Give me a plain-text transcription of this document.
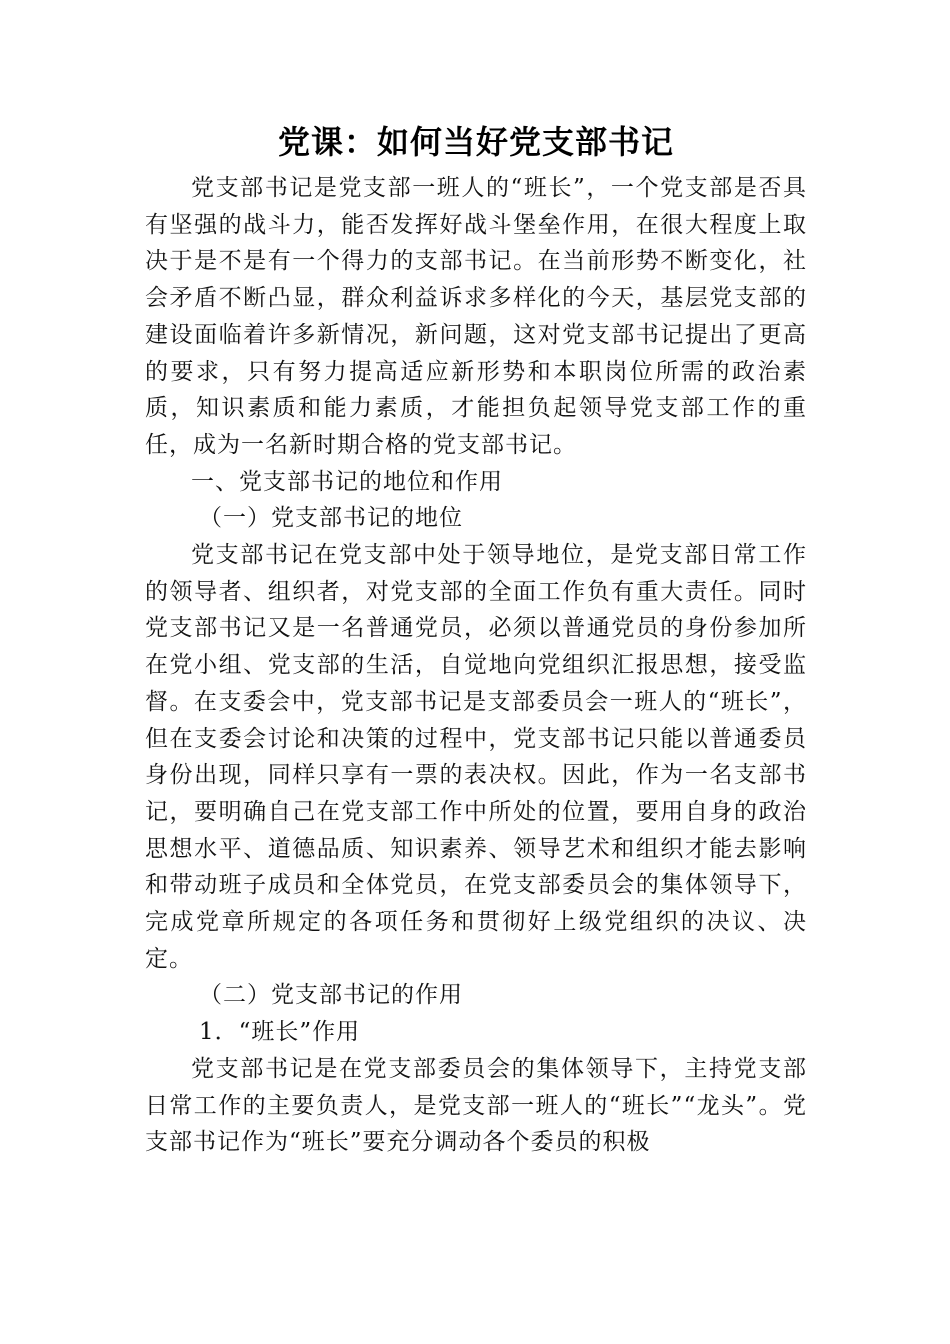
党课：如何当好党支部书记

党支部书记是党支部一班人的“班长”，一个党支部是否具有坚强的战斗力，能否发挥好战斗堡垒作用，在很大程度上取决于是不是有一个得力的支部书记。在当前形势不断变化，社会矛盾不断凸显，群众利益诉求多样化的今天，基层党支部的建设面临着许多新情况，新问题，这对党支部书记提出了更高的要求，只有努力提高适应新形势和本职岗位所需的政治素质，知识素质和能力素质，才能担负起领导党支部工作的重任，成为一名新时期合格的党支部书记。

一、党支部书记的地位和作用

（一）党支部书记的地位

党支部书记在党支部中处于领导地位，是党支部日常工作的领导者、组织者，对党支部的全面工作负有重大责任。同时党支部书记又是一名普通党员，必须以普通党员的身份参加所在党小组、党支部的生活，自觉地向党组织汇报思想，接受监督。在支委会中，党支部书记是支部委员会一班人的“班长”，但在支委会讨论和决策的过程中，党支部书记只能以普通委员身份出现，同样只享有一票的表决权。因此，作为一名支部书记，要明确自己在党支部工作中所处的位置，要用自身的政治思想水平、道德品质、知识素养、领导艺术和组织才能去影响和带动班子成员和全体党员，在党支部委员会的集体领导下，完成党章所规定的各项任务和贯彻好上级党组织的决议、决定。

（二）党支部书记的作用

1．“班长”作用

党支部书记是在党支部委员会的集体领导下，主持党支部日常工作的主要负责人，是党支部一班人的“班长”“龙头”。党支部书记作为“班长”要充分调动各个委员的积极
